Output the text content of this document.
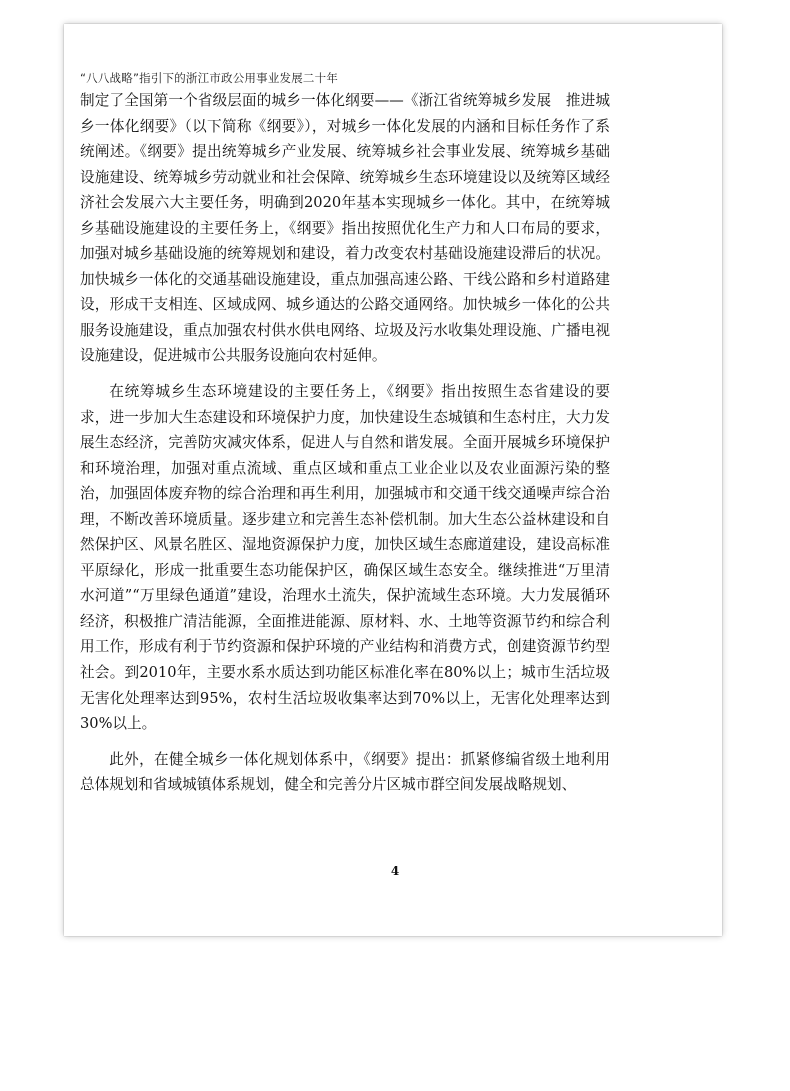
“八八战略”指引下的浙江市政公用事业发展二十年

制定了全国第一个省级层面的城乡一体化纲要——《浙江省统筹城乡发展　推进城乡一体化纲要》（以下简称《纲要》），对城乡一体化发展的内涵和目标任务作了系统阐述。《纲要》提出统筹城乡产业发展、统筹城乡社会事业发展、统筹城乡基础设施建设、统筹城乡劳动就业和社会保障、统筹城乡生态环境建设以及统筹区域经济社会发展六大主要任务，明确到2020年基本实现城乡一体化。其中，在统筹城乡基础设施建设的主要任务上，《纲要》指出按照优化生产力和人口布局的要求，加强对城乡基础设施的统筹规划和建设，着力改变农村基础设施建设滞后的状况。加快城乡一体化的交通基础设施建设，重点加强高速公路、干线公路和乡村道路建设，形成干支相连、区域成网、城乡通达的公路交通网络。加快城乡一体化的公共服务设施建设，重点加强农村供水供电网络、垃圾及污水收集处理设施、广播电视设施建设，促进城市公共服务设施向农村延伸。

在统筹城乡生态环境建设的主要任务上，《纲要》指出按照生态省建设的要求，进一步加大生态建设和环境保护力度，加快建设生态城镇和生态村庄，大力发展生态经济，完善防灾减灾体系，促进人与自然和谐发展。全面开展城乡环境保护和环境治理，加强对重点流域、重点区域和重点工业企业以及农业面源污染的整治，加强固体废弃物的综合治理和再生利用，加强城市和交通干线交通噪声综合治理，不断改善环境质量。逐步建立和完善生态补偿机制。加大生态公益林建设和自然保护区、风景名胜区、湿地资源保护力度，加快区域生态廊道建设，建设高标准平原绿化，形成一批重要生态功能保护区，确保区域生态安全。继续推进“万里清水河道”“万里绿色通道”建设，治理水土流失，保护流域生态环境。大力发展循环经济，积极推广清洁能源，全面推进能源、原材料、水、土地等资源节约和综合利用工作，形成有利于节约资源和保护环境的产业结构和消费方式，创建资源节约型社会。到2010年，主要水系水质达到功能区标准化率在80%以上；城市生活垃圾无害化处理率达到95%，农村生活垃圾收集率达到70%以上，无害化处理率达到30%以上。

此外，在健全城乡一体化规划体系中，《纲要》提出：抓紧修编省级土地利用总体规划和省域城镇体系规划，健全和完善分片区城市群空间发展战略规划、

4
